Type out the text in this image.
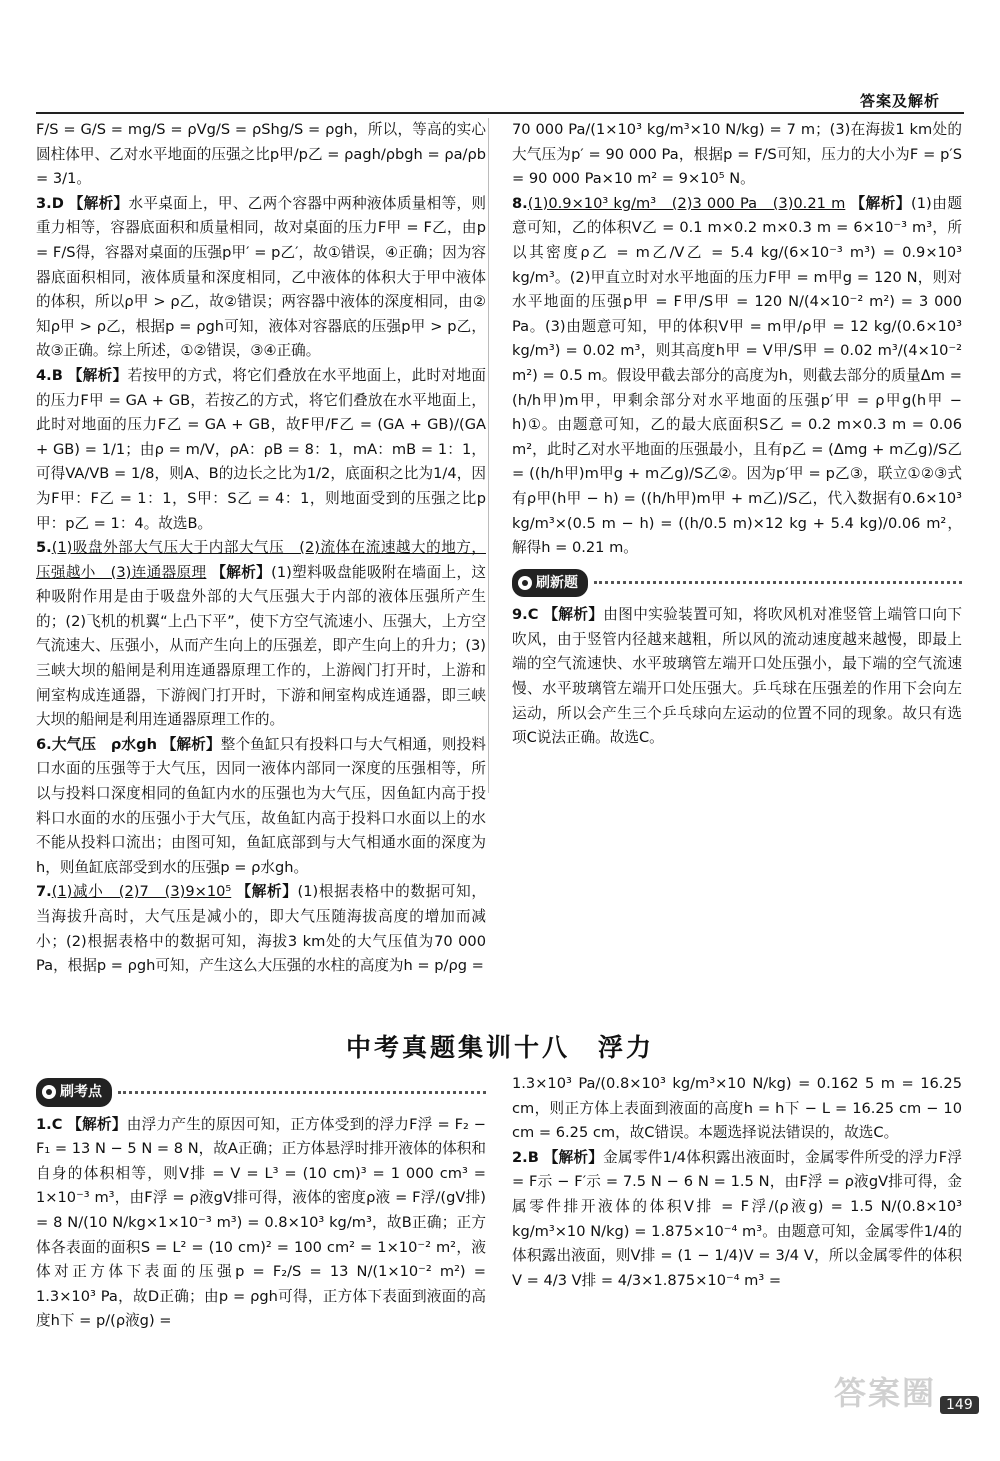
答案及解析

F/S = G/S = mg/S = ρVg/S = ρShg/S = ρgh，所以，等高的实心圆柱体甲、乙对水平地面的压强之比p甲/p乙 = ρagh/ρbgh = ρa/ρb = 3/1。

3.D 【解析】水平桌面上，甲、乙两个容器中两种液体质量相等，则重力相等，容器底面积和质量相同，故对桌面的压力F甲 = F乙，由p = F/S得，容器对桌面的压强p甲′ = p乙′，故①错误，④正确；因为容器底面积相同，液体质量和深度相同，乙中液体的体积大于甲中液体的体积，所以ρ甲 > ρ乙，故②错误；两容器中液体的深度相同，由②知ρ甲 > ρ乙，根据p = ρgh可知，液体对容器底的压强p甲 > p乙，故③正确。综上所述，①②错误，③④正确。

4.B 【解析】若按甲的方式，将它们叠放在水平地面上，此时对地面的压力F甲 = GA + GB，若按乙的方式，将它们叠放在水平地面上，此时对地面的压力F乙 = GA + GB，故F甲/F乙 = (GA + GB)/(GA + GB) = 1/1；由ρ = m/V，ρA：ρB = 8：1，mA：mB = 1：1，可得VA/VB = 1/8，则A、B的边长之比为1/2，底面积之比为1/4，因为F甲：F乙 = 1：1，S甲：S乙 = 4：1，则地面受到的压强之比p甲：p乙 = 1：4。故选B。

5.(1)吸盘外部大气压大于内部大气压　(2)流体在流速越大的地方，压强越小　(3)连通器原理 【解析】(1)塑料吸盘能吸附在墙面上，这种吸附作用是由于吸盘外部的大气压强大于内部的液体压强所产生的；(2)飞机的机翼“上凸下平”，使下方空气流速小、压强大，上方空气流速大、压强小，从而产生向上的压强差，即产生向上的升力；(3)三峡大坝的船闸是利用连通器原理工作的，上游阀门打开时，上游和闸室构成连通器，下游阀门打开时，下游和闸室构成连通器，即三峡大坝的船闸是利用连通器原理工作的。

6.大气压　ρ水gh 【解析】整个鱼缸只有投料口与大气相通，则投料口水面的压强等于大气压，因同一液体内部同一深度的压强相等，所以与投料口深度相同的鱼缸内水的压强也为大气压，因鱼缸内高于投料口水面的水的压强小于大气压，故鱼缸内高于投料口水面以上的水不能从投料口流出；由图可知，鱼缸底部到与大气相通水面的深度为h，则鱼缸底部受到水的压强p = ρ水gh。

7.(1)减小　(2)7　(3)9×10⁵ 【解析】(1)根据表格中的数据可知，当海拔升高时，大气压是减小的，即大气压随海拔高度的增加而减小；(2)根据表格中的数据可知，海拔3 km处的大气压值为70 000 Pa，根据p = ρgh可知，产生这么大压强的水柱的高度为h = p/ρg =

70 000 Pa/(1×10³ kg/m³×10 N/kg) = 7 m；(3)在海拔1 km处的大气压为p′ = 90 000 Pa，根据p = F/S可知，压力的大小为F = p′S = 90 000 Pa×10 m² = 9×10⁵ N。

8.(1)0.9×10³ kg/m³　(2)3 000 Pa　(3)0.21 m 【解析】(1)由题意可知，乙的体积V乙 = 0.1 m×0.2 m×0.3 m = 6×10⁻³ m³，所以其密度ρ乙 = m乙/V乙 = 5.4 kg/(6×10⁻³ m³) = 0.9×10³ kg/m³。(2)甲直立时对水平地面的压力F甲 = m甲g = 120 N，则对水平地面的压强p甲 = F甲/S甲 = 120 N/(4×10⁻² m²) = 3 000 Pa。(3)由题意可知，甲的体积V甲 = m甲/ρ甲 = 12 kg/(0.6×10³ kg/m³) = 0.02 m³，则其高度h甲 = V甲/S甲 = 0.02 m³/(4×10⁻² m²) = 0.5 m。假设甲截去部分的高度为h，则截去部分的质量Δm = (h/h甲)m甲，甲剩余部分对水平地面的压强p′甲 = ρ甲g(h甲 − h)①。由题意可知，乙的最大底面积S乙 = 0.2 m×0.3 m = 0.06 m²，此时乙对水平地面的压强最小，且有p乙 = (Δmg + m乙g)/S乙 = ((h/h甲)m甲g + m乙g)/S乙②。因为p′甲 = p乙③，联立①②③式有ρ甲(h甲 − h) = ((h/h甲)m甲 + m乙)/S乙，代入数据有0.6×10³ kg/m³×(0.5 m − h) = ((h/0.5 m)×12 kg + 5.4 kg)/0.06 m²，解得h = 0.21 m。

刷新题

9.C 【解析】由图中实验装置可知，将吹风机对准竖管上端管口向下吹风，由于竖管内径越来越粗，所以风的流动速度越来越慢，即最上端的空气流速快、水平玻璃管左端开口处压强小，最下端的空气流速慢、水平玻璃管左端开口处压强大。乒乓球在压强差的作用下会向左运动，所以会产生三个乒乓球向左运动的位置不同的现象。故只有选项C说法正确。故选C。

中考真题集训十八　浮力
刷考点

1.C 【解析】由浮力产生的原因可知，正方体受到的浮力F浮 = F₂ − F₁ = 13 N − 5 N = 8 N，故A正确；正方体悬浮时排开液体的体积和自身的体积相等，则V排 = V = L³ = (10 cm)³ = 1 000 cm³ = 1×10⁻³ m³，由F浮 = ρ液gV排可得，液体的密度ρ液 = F浮/(gV排) = 8 N/(10 N/kg×1×10⁻³ m³) = 0.8×10³ kg/m³，故B正确；正方体各表面的面积S = L² = (10 cm)² = 100 cm² = 1×10⁻² m²，液体对正方体下表面的压强p = F₂/S = 13 N/(1×10⁻² m²) = 1.3×10³ Pa，故D正确；由p = ρgh可得，正方体下表面到液面的高度h下 = p/(ρ液g) =

1.3×10³ Pa/(0.8×10³ kg/m³×10 N/kg) = 0.162 5 m = 16.25 cm，则正方体上表面到液面的高度h = h下 − L = 16.25 cm − 10 cm = 6.25 cm，故C错误。本题选择说法错误的，故选C。

2.B 【解析】金属零件1/4体积露出液面时，金属零件所受的浮力F浮 = F示 − F′示 = 7.5 N − 6 N = 1.5 N，由F浮 = ρ液gV排可得，金属零件排开液体的体积V排 = F浮/(ρ液g) = 1.5 N/(0.8×10³ kg/m³×10 N/kg) = 1.875×10⁻⁴ m³。由题意可知，金属零件1/4的体积露出液面，则V排 = (1 − 1/4)V = 3/4 V，所以金属零件的体积V = 4/3 V排 = 4/3×1.875×10⁻⁴ m³ =

答案圈 149
